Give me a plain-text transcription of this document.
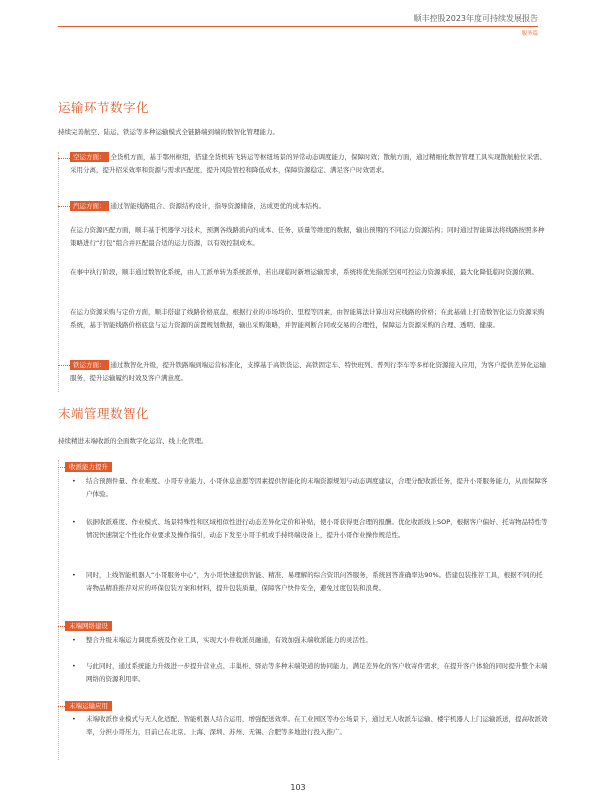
顺丰控股2023年度可持续发展报告
服务篇
运输环节数字化
持续完善航空、陆运、铁运等多种运输模式全链路端到端的数智化管理能力。
空运方面： 全货机方面，基于鄂州枢纽，搭建全货机转飞转运等枢纽场景的异常动态调度能力，保障时效；散航方面，通过精细化数智管理工具实现散航舱位采需、采用分离，提升招采效率和资源与需求匹配度，提升风险管控和降低成本，保障资源稳定、满足客户时效需求。
汽运方面： 通过智能线路组合、资源结构设计，指导资源储备，达成更优的成本结构。
在运力资源匹配方面，顺丰基于机器学习技术，预测各线路流向的成本、任务、质量等维度的数据，输出预期的不同运力资源结构；同时通过智能算法将线路按照多种策略进行“打包”组合并匹配最合适的运力资源，以有效控制成本。
在事中执行阶段，顺丰通过数智化系统，由人工派单转为系统派单，若出现临时新增运输需求，系统将优先指派空闲可控运力资源承接，最大化降低临时资源依赖。
在运力资源采购与定价方面，顺丰搭建了线路价格底盘，根据行业的市场均价、里程等因素，由智能算法计算出对应线路的价格；在此基础上打造数智化运力资源采购系统，基于智能线路价格底盘与运力资源的前置规划数据，输出采购策略，并智能判断合同或交易的合理性，保障运力资源采购的合理、透明、健康。
铁运方面： 通过数智化升级，提升铁路端到端运营标准化，支撑基于高铁货运、高铁固定车、特快班列、普列行李车等多样化资源接入应用，为客户提供差异化运输服务，提升运输履约时效及客户满意度。
末端管理数智化
持续精进末端收派的全面数字化运营、线上化管理。
收派能力提升
• 结合预测件量、作业难度、小哥专业能力、小哥休息意愿等因素提供智能化的末端资源规划与动态调度建议，合理分配收派任务，提升小哥服务能力，从而保障客户体验。
• 依据收派难度、作业模式、场景特殊性和区域相似性进行动态差异化定价和补贴，使小哥获得更合理的报酬。优化收派线上SOP，根据客户偏好、托寄物品特性等情况快速制定个性化作业要求及操作指引，动态下发至小哥手机或手持终端设备上，提升小哥作业操作规范性。
• 同时，上线智能机器人“小哥服务中心”，为小哥快速提供智能、精准、易理解的综合资讯问答服务，系统回答准确率达90%。搭建包装推荐工具，根据不同的托寄物品精准推荐对应的环保包装方案和材料，提升包装质量，保障客户快件安全，避免过度包装和浪费。
末端网络建设
• 整合升级末端运力调度系统及作业工具，实现大小件收派员融通，有效加强末端收派能力的灵活性。
• 与此同时，通过系统能力升级进一步提升营业点、丰巢柜、驿站等多种末端渠道的协同能力，满足差异化的客户收寄件需求，在提升客户体验的同时提升整个末端网络的资源利用率。
末端运输应用
• 末端收派作业模式与无人化适配、智能机器人结合运用，增强配送效率。在工业园区等办公场景下，通过无人收派车运输、楼宇机器人上门运输派送，提高收派效率，分担小哥压力，目前已在北京、上海、深圳、苏州、无锡、合肥等多地进行投入推广。
103
